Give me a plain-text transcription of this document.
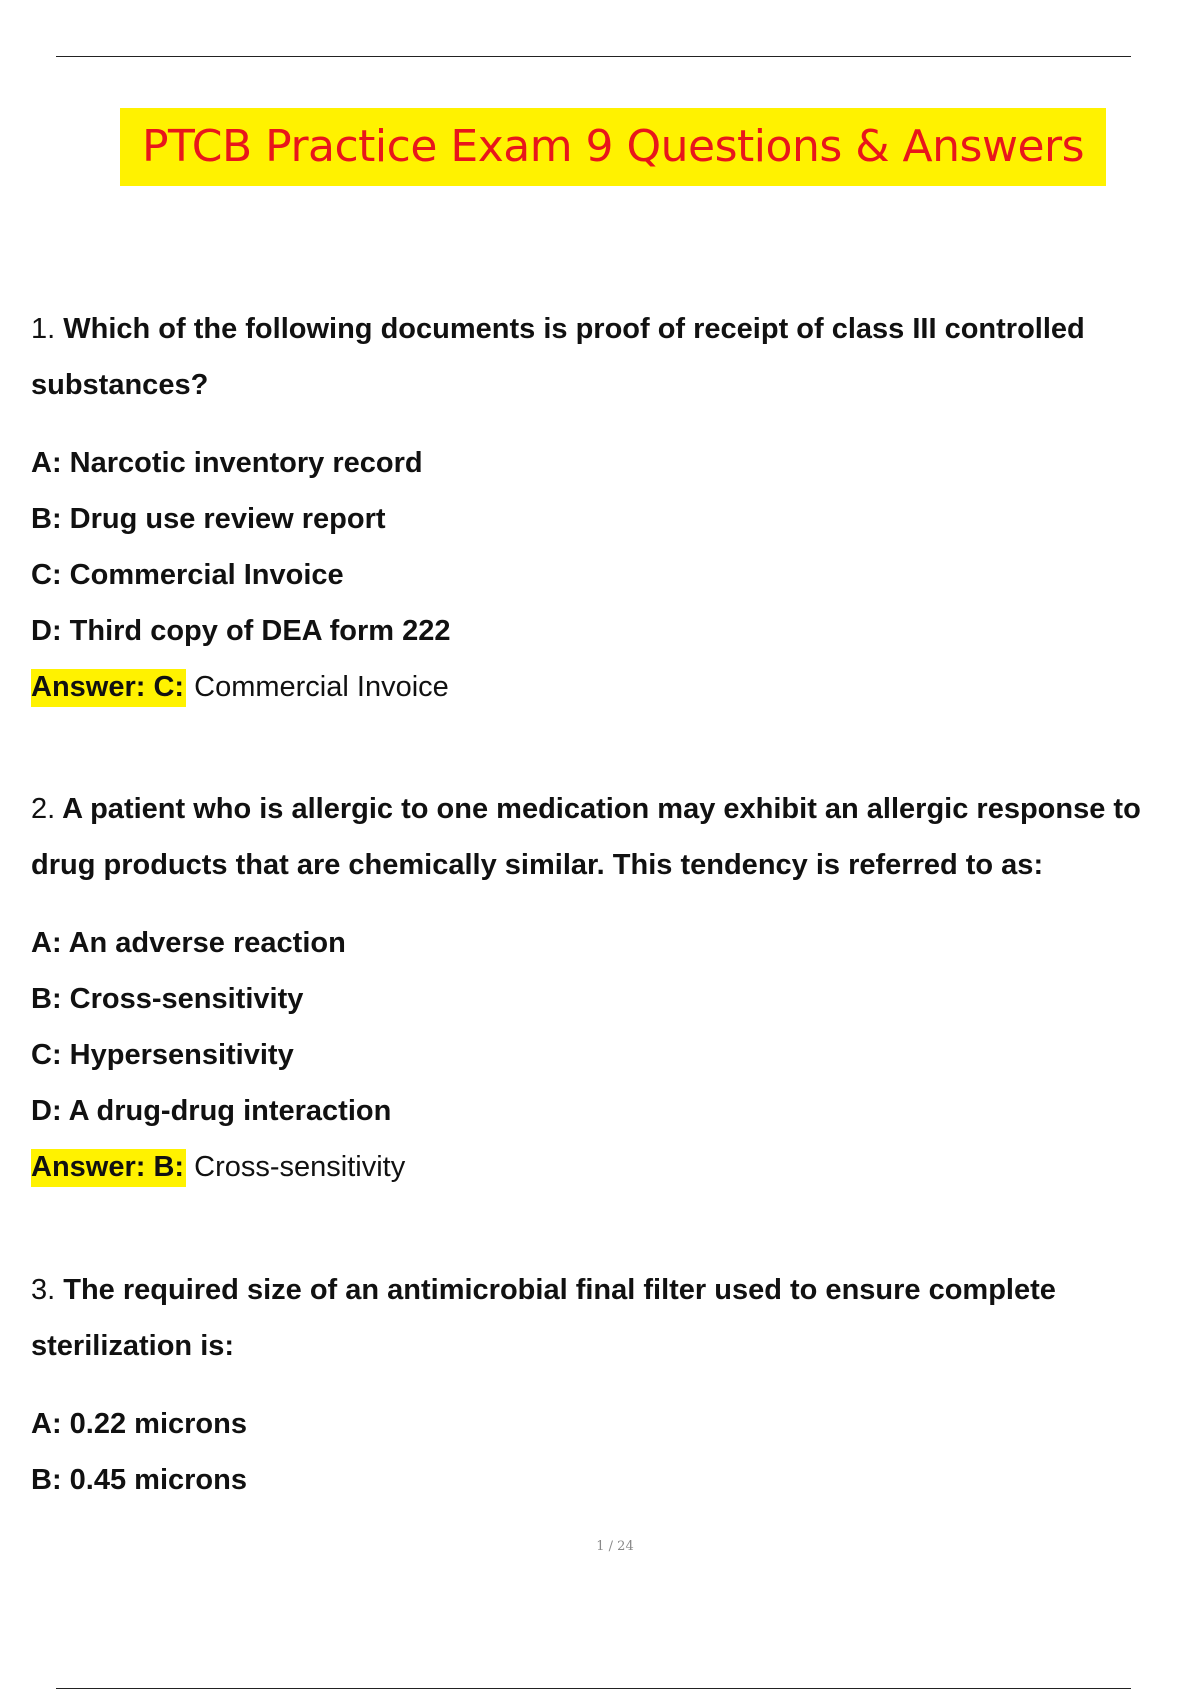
PTCB Practice Exam 9 Questions & Answers

1. Which of the following documents is proof of receipt of class III controlled substances?

A: Narcotic inventory record
B: Drug use review report
C: Commercial Invoice
D: Third copy of DEA form 222
Answer: C: Commercial Invoice

2. A patient who is allergic to one medication may exhibit an allergic response to drug products that are chemically similar. This tendency is referred to as:

A: An adverse reaction
B: Cross-sensitivity
C: Hypersensitivity
D: A drug-drug interaction
Answer: B: Cross-sensitivity

3. The required size of an antimicrobial final filter used to ensure complete sterilization is:

A: 0.22 microns
B: 0.45 microns
1 / 24
